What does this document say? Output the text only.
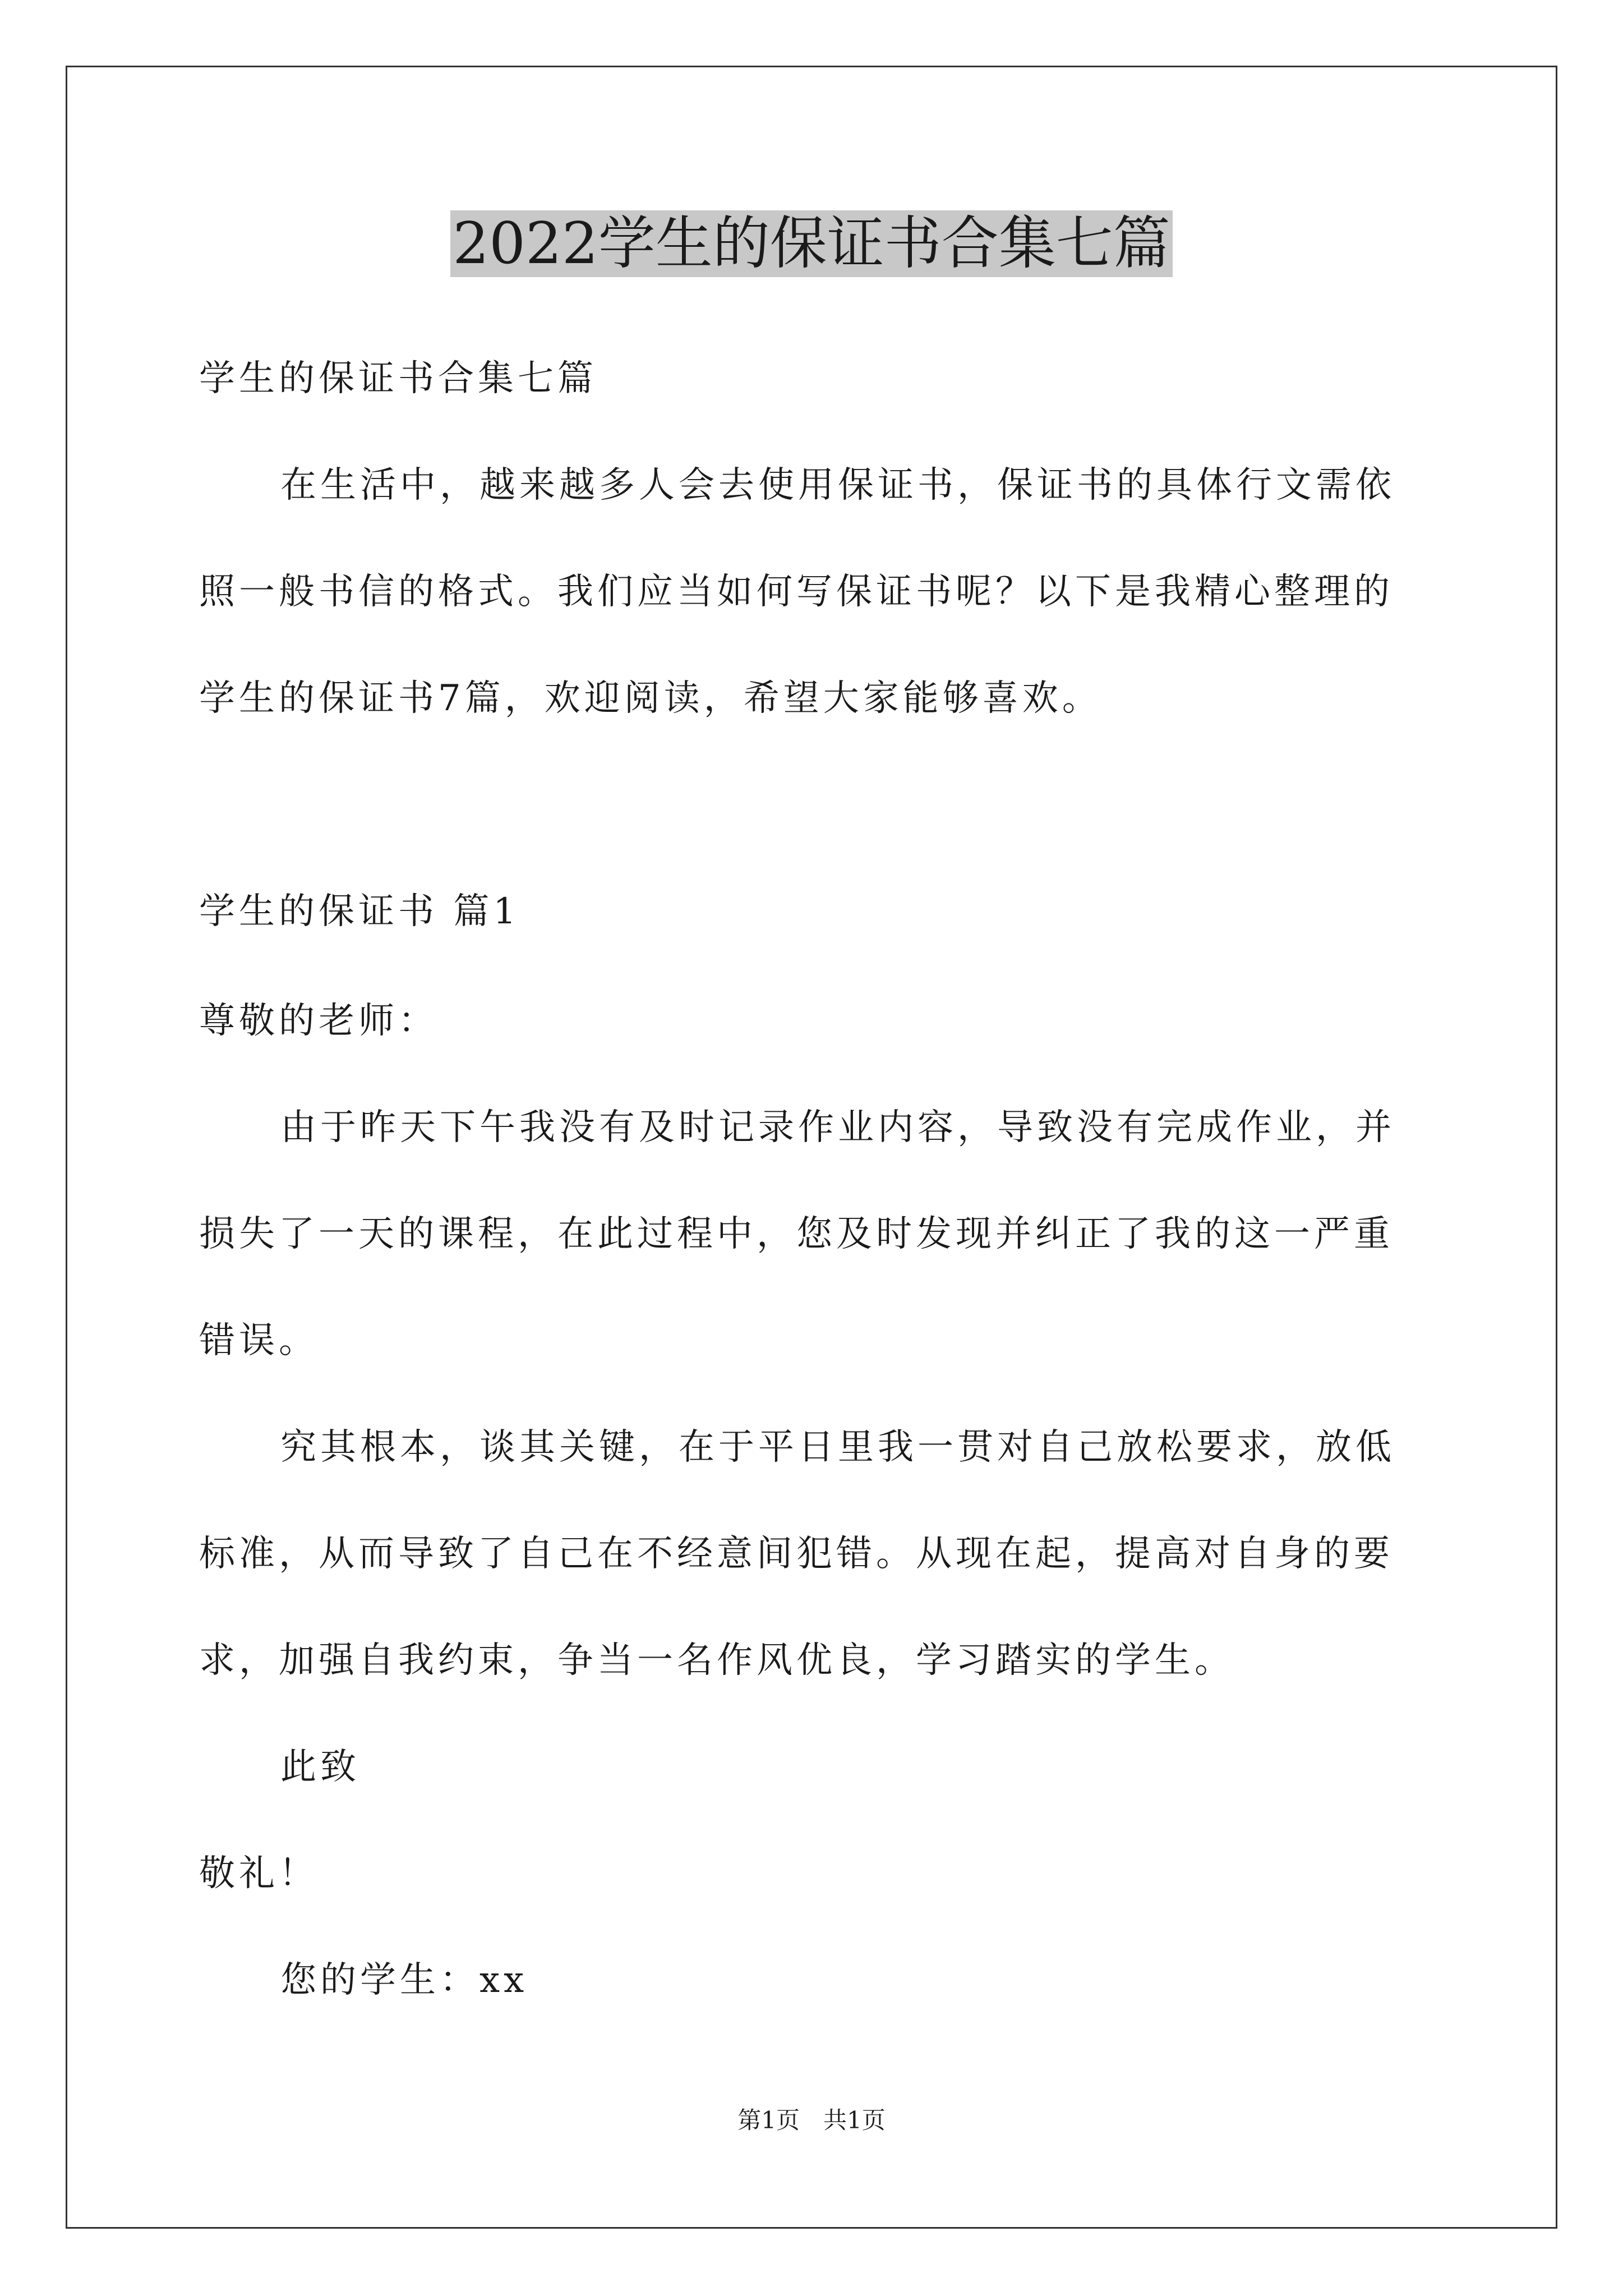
2022学生的保证书合集七篇

学生的保证书合集七篇

在生活中，越来越多人会去使用保证书，保证书的具体行文需依

照一般书信的格式。我们应当如何写保证书呢？以下是我精心整理的

学生的保证书7篇，欢迎阅读，希望大家能够喜欢。

学生的保证书 篇1

尊敬的老师：

由于昨天下午我没有及时记录作业内容，导致没有完成作业，并

损失了一天的课程，在此过程中，您及时发现并纠正了我的这一严重

错误。

究其根本，谈其关键，在于平日里我一贯对自己放松要求，放低

标准，从而导致了自己在不经意间犯错。从现在起，提高对自身的要

求，加强自我约束，争当一名作风优良，学习踏实的学生。

此致

敬礼！

您的学生：xx

第1页　共1页
